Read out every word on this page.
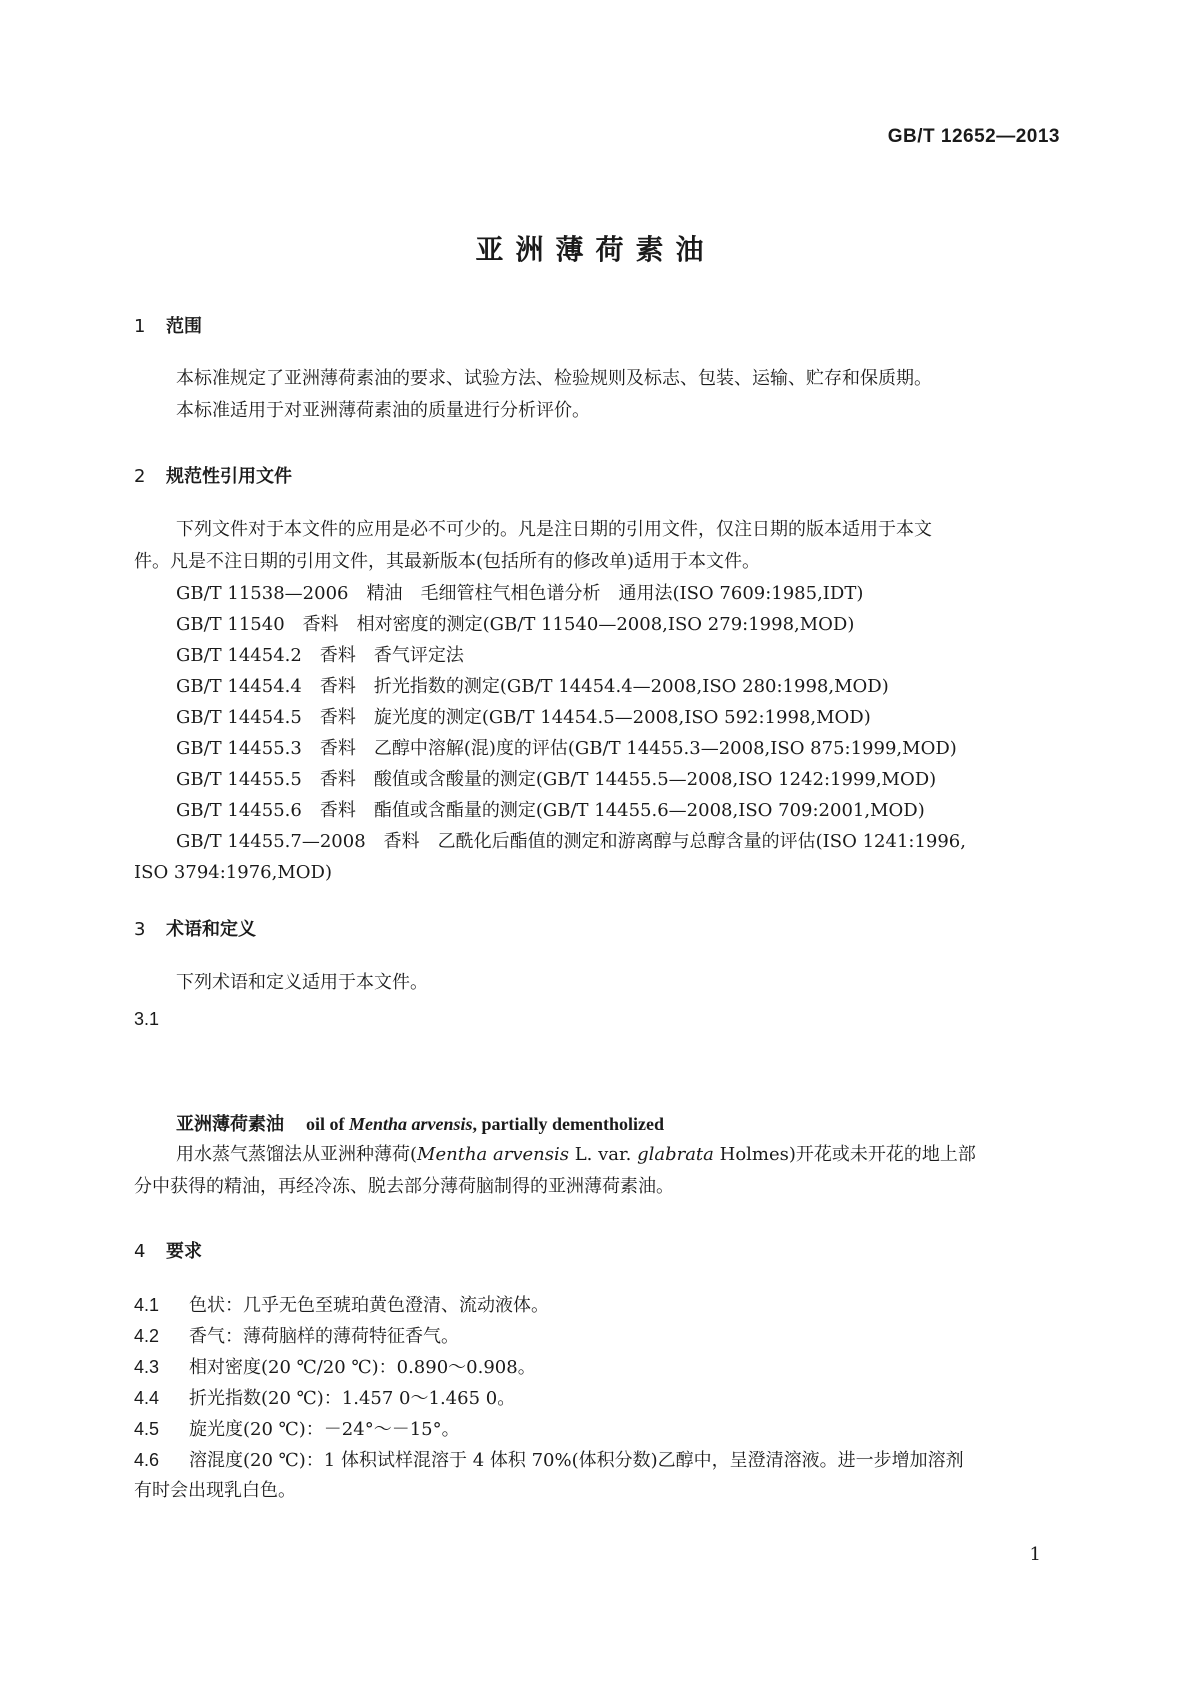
GB/T 12652—2013
亚洲薄荷素油
1 范围
本标准规定了亚洲薄荷素油的要求、试验方法、检验规则及标志、包装、运输、贮存和保质期。
本标准适用于对亚洲薄荷素油的质量进行分析评价。
2 规范性引用文件
下列文件对于本文件的应用是必不可少的。凡是注日期的引用文件，仅注日期的版本适用于本文
件。凡是不注日期的引用文件，其最新版本(包括所有的修改单)适用于本文件。
GB/T 11538—2006　精油　毛细管柱气相色谱分析　通用法(ISO 7609:1985,IDT)
GB/T 11540　香料　相对密度的测定(GB/T 11540—2008,ISO 279:1998,MOD)
GB/T 14454.2　香料　香气评定法
GB/T 14454.4　香料　折光指数的测定(GB/T 14454.4—2008,ISO 280:1998,MOD)
GB/T 14454.5　香料　旋光度的测定(GB/T 14454.5—2008,ISO 592:1998,MOD)
GB/T 14455.3　香料　乙醇中溶解(混)度的评估(GB/T 14455.3—2008,ISO 875:1999,MOD)
GB/T 14455.5　香料　酸值或含酸量的测定(GB/T 14455.5—2008,ISO 1242:1999,MOD)
GB/T 14455.6　香料　酯值或含酯量的测定(GB/T 14455.6—2008,ISO 709:2001,MOD)
GB/T 14455.7—2008　香料　乙酰化后酯值的测定和游离醇与总醇含量的评估(ISO 1241:1996,
ISO 3794:1976,MOD)
3 术语和定义
下列术语和定义适用于本文件。
3.1
亚洲薄荷素油 oil of Mentha arvensis, partially dementholized
用水蒸气蒸馏法从亚洲种薄荷(Mentha arvensis L. var. glabrata Holmes)开花或未开花的地上部
分中获得的精油，再经冷冻、脱去部分薄荷脑制得的亚洲薄荷素油。
4 要求
4.1 色状：几乎无色至琥珀黄色澄清、流动液体。
4.2 香气：薄荷脑样的薄荷特征香气。
4.3 相对密度(20 ℃/20 ℃)：0.890～0.908。
4.4 折光指数(20 ℃)：1.457 0～1.465 0。
4.5 旋光度(20 ℃)：－24°～－15°。
4.6 溶混度(20 ℃)：1 体积试样混溶于 4 体积 70%(体积分数)乙醇中，呈澄清溶液。进一步增加溶剂
有时会出现乳白色。
1
